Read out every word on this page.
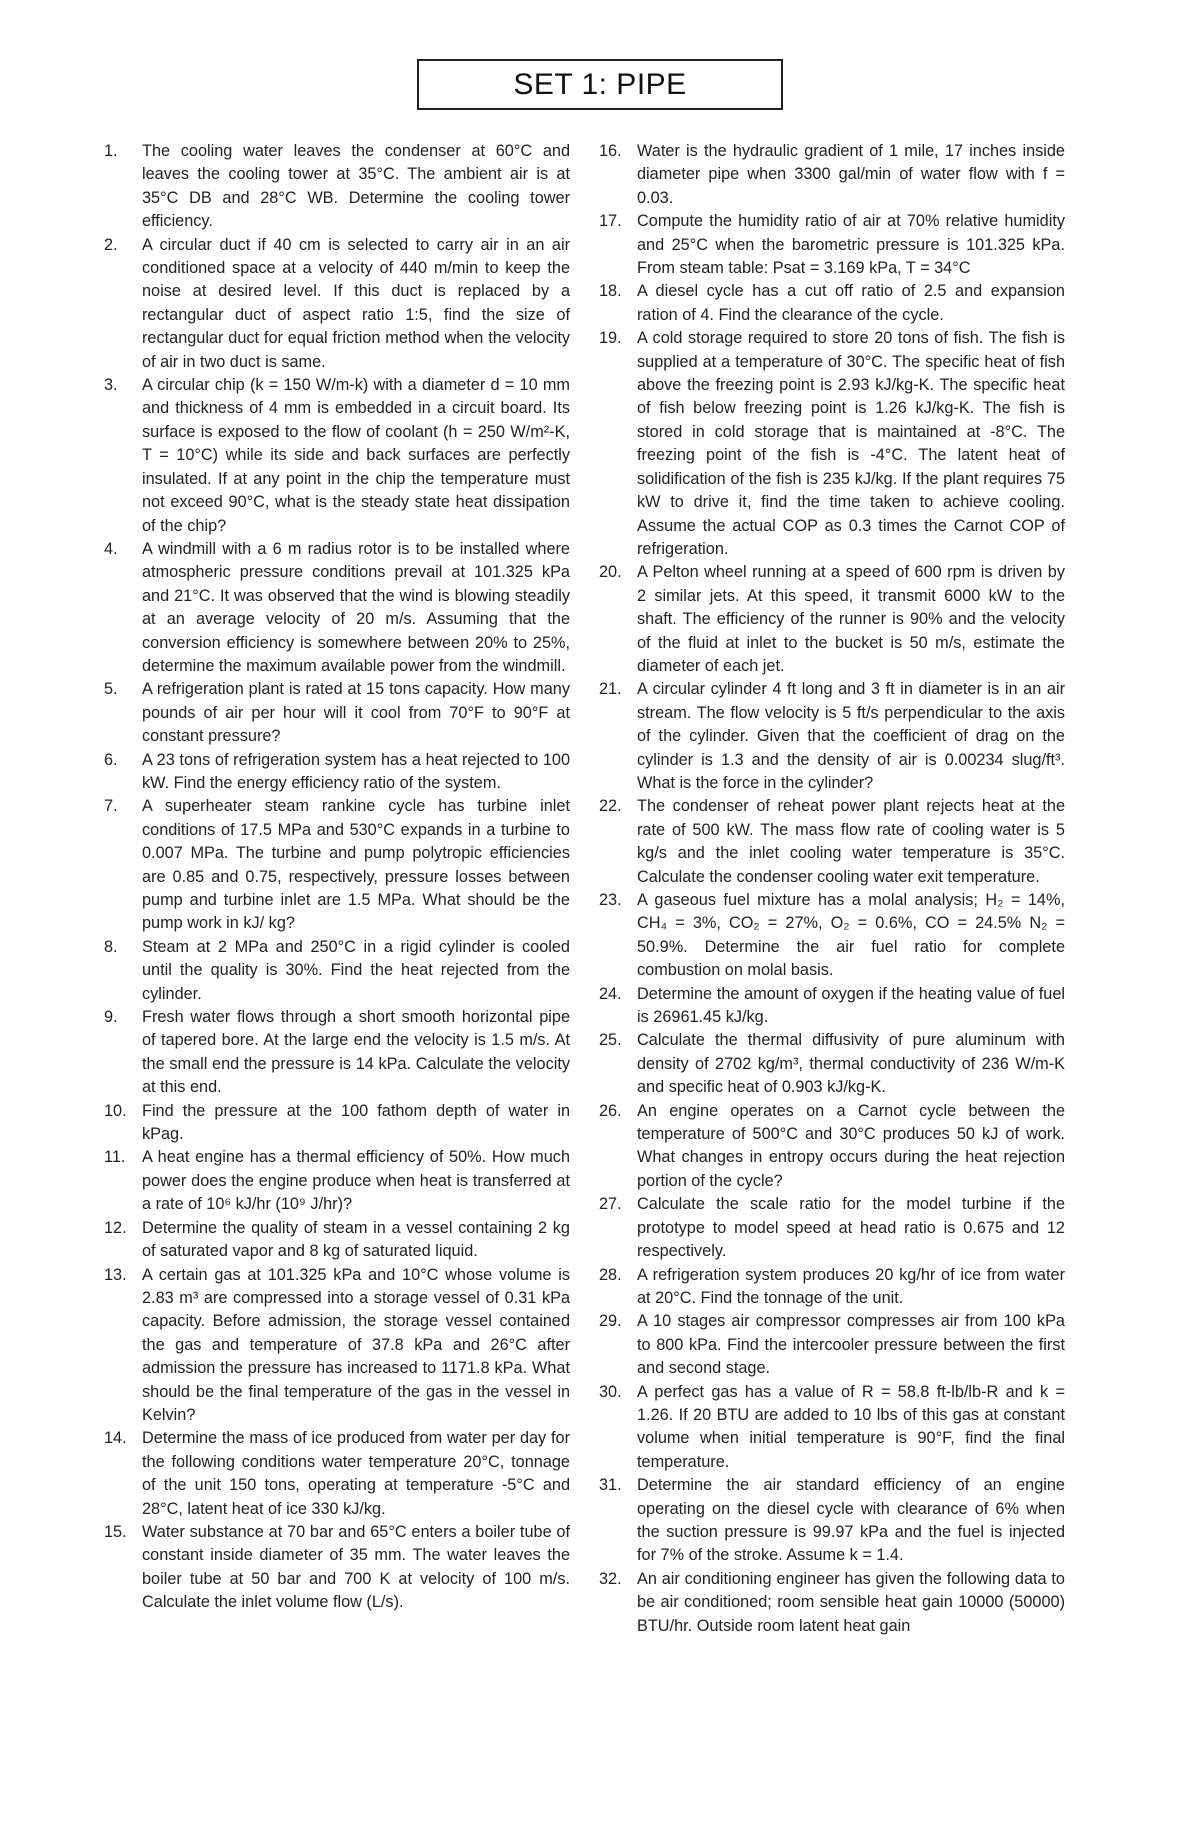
SET 1: PIPE
1.	The cooling water leaves the condenser at 60°C and leaves the cooling tower at 35°C. The ambient air is at 35°C DB and 28°C WB. Determine the cooling tower efficiency.
2.	A circular duct if 40 cm is selected to carry air in an air conditioned space at a velocity of 440 m/min to keep the noise at desired level. If this duct is replaced by a rectangular duct of aspect ratio 1:5, find the size of rectangular duct for equal friction method when the velocity of air in two duct is same.
3.	A circular chip (k = 150 W/m-k) with a diameter d = 10 mm and thickness of 4 mm is embedded in a circuit board. Its surface is exposed to the flow of coolant (h = 250 W/m²-K, T = 10°C) while its side and back surfaces are perfectly insulated. If at any point in the chip the temperature must not exceed 90°C, what is the steady state heat dissipation of the chip?
4.	A windmill with a 6 m radius rotor is to be installed where atmospheric pressure conditions prevail at 101.325 kPa and 21°C. It was observed that the wind is blowing steadily at an average velocity of 20 m/s. Assuming that the conversion efficiency is somewhere between 20% to 25%, determine the maximum available power from the windmill.
5.	A refrigeration plant is rated at 15 tons capacity. How many pounds of air per hour will it cool from 70°F to 90°F at constant pressure?
6.	A 23 tons of refrigeration system has a heat rejected to 100 kW. Find the energy efficiency ratio of the system.
7.	A superheater steam rankine cycle has turbine inlet conditions of 17.5 MPa and 530°C expands in a turbine to 0.007 MPa. The turbine and pump polytropic efficiencies are 0.85 and 0.75, respectively, pressure losses between pump and turbine inlet are 1.5 MPa. What should be the pump work in kJ/ kg?
8.	Steam at 2 MPa and 250°C in a rigid cylinder is cooled until the quality is 30%. Find the heat rejected from the cylinder.
9.	Fresh water flows through a short smooth horizontal pipe of tapered bore. At the large end the velocity is 1.5 m/s. At the small end the pressure is 14 kPa. Calculate the velocity at this end.
10. Find the pressure at the 100 fathom depth of water in kPag.
11.	A heat engine has a thermal efficiency of 50%. How much power does the engine produce when heat is transferred at a rate of 10⁶ kJ/hr (10⁹ J/hr)?
12. Determine the quality of steam in a vessel containing 2 kg of saturated vapor and 8 kg of saturated liquid.
13. A certain gas at 101.325 kPa and 10°C whose volume is 2.83 m³ are compressed into a storage vessel of 0.31 kPa capacity. Before admission, the storage vessel contained the gas and temperature of 37.8 kPa and 26°C after admission the pressure has increased to 1171.8 kPa. What should be the final temperature of the gas in the vessel in Kelvin?
14. Determine the mass of ice produced from water per day for the following conditions water temperature 20°C, tonnage of the unit 150 tons, operating at temperature -5°C and 28°C, latent heat of ice 330 kJ/kg.
15. Water substance at 70 bar and 65°C enters a boiler tube of constant inside diameter of 35 mm. The water leaves the boiler tube at 50 bar and 700 K at velocity of 100 m/s. Calculate the inlet volume flow (L/s).
16. Water is the hydraulic gradient of 1 mile, 17 inches inside diameter pipe when 3300 gal/min of water flow with f = 0.03.
17. Compute the humidity ratio of air at 70% relative humidity and 25°C when the barometric pressure is 101.325 kPa. From steam table: Psat = 3.169 kPa, T = 34°C
18. A diesel cycle has a cut off ratio of 2.5 and expansion ration of 4. Find the clearance of the cycle.
19. A cold storage required to store 20 tons of fish. The fish is supplied at a temperature of 30°C. The specific heat of fish above the freezing point is 2.93 kJ/kg-K. The specific heat of fish below freezing point is 1.26 kJ/kg-K. The fish is stored in cold storage that is maintained at -8°C. The freezing point of the fish is -4°C. The latent heat of solidification of the fish is 235 kJ/kg. If the plant requires 75 kW to drive it, find the time taken to achieve cooling. Assume the actual COP as 0.3 times the Carnot COP of refrigeration.
20. A Pelton wheel running at a speed of 600 rpm is driven by 2 similar jets. At this speed, it transmit 6000 kW to the shaft. The efficiency of the runner is 90% and the velocity of the fluid at inlet to the bucket is 50 m/s, estimate the diameter of each jet.
21. A circular cylinder 4 ft long and 3 ft in diameter is in an air stream. The flow velocity is 5 ft/s perpendicular to the axis of the cylinder. Given that the coefficient of drag on the cylinder is 1.3 and the density of air is 0.00234 slug/ft³. What is the force in the cylinder?
22. The condenser of reheat power plant rejects heat at the rate of 500 kW. The mass flow rate of cooling water is 5 kg/s and the inlet cooling water temperature is 35°C. Calculate the condenser cooling water exit temperature.
23. A gaseous fuel mixture has a molal analysis; H₂ = 14%, CH₄ = 3%, CO₂ = 27%, O₂ = 0.6%, CO = 24.5% N₂ = 50.9%. Determine the air fuel ratio for complete combustion on molal basis.
24. Determine the amount of oxygen if the heating value of fuel is 26961.45 kJ/kg.
25. Calculate the thermal diffusivity of pure aluminum with density of 2702 kg/m³, thermal conductivity of 236 W/m-K and specific heat of 0.903 kJ/kg-K.
26. An engine operates on a Carnot cycle between the temperature of 500°C and 30°C produces 50 kJ of work. What changes in entropy occurs during the heat rejection portion of the cycle?
27. Calculate the scale ratio for the model turbine if the prototype to model speed at head ratio is 0.675 and 12 respectively.
28. A refrigeration system produces 20 kg/hr of ice from water at 20°C. Find the tonnage of the unit.
29. A 10 stages air compressor compresses air from 100 kPa to 800 kPa. Find the intercooler pressure between the first and second stage.
30. A perfect gas has a value of R = 58.8 ft-lb/lb-R and k = 1.26. If 20 BTU are added to 10 lbs of this gas at constant volume when initial temperature is 90°F, find the final temperature.
31. Determine the air standard efficiency of an engine operating on the diesel cycle with clearance of 6% when the suction pressure is 99.97 kPa and the fuel is injected for 7% of the stroke. Assume k = 1.4.
32. An air conditioning engineer has given the following data to be air conditioned; room sensible heat gain 10000 (50000) BTU/hr. Outside room latent heat gain
